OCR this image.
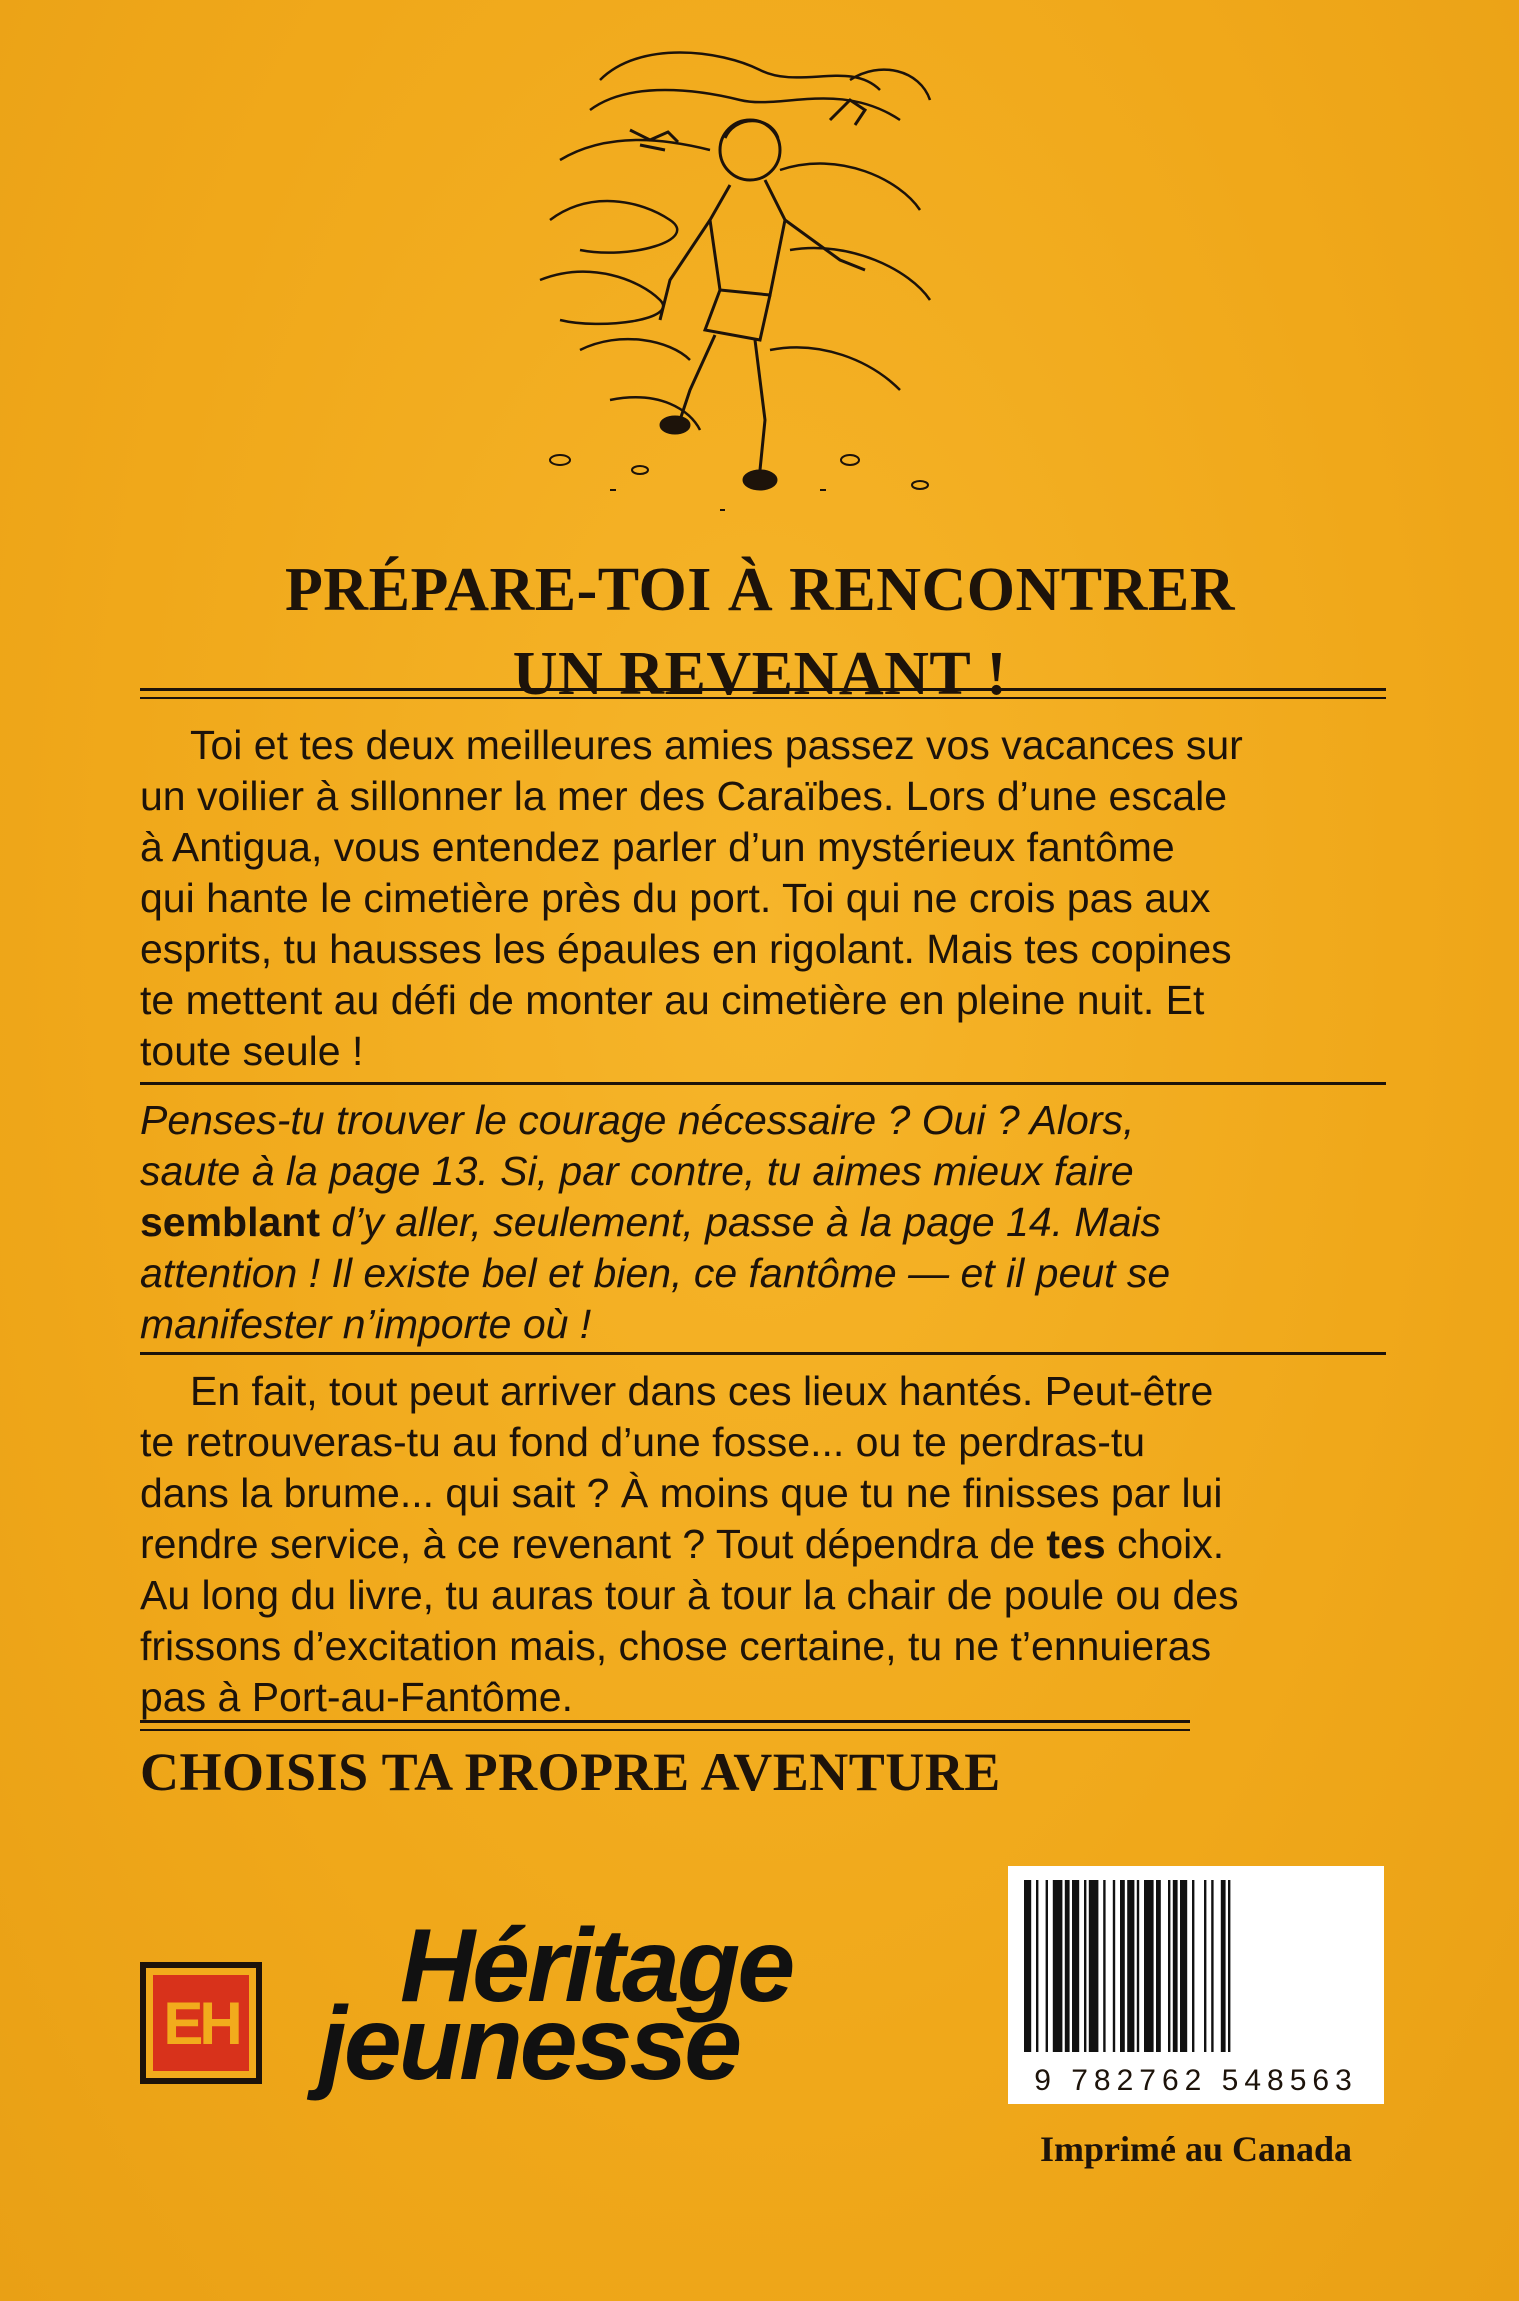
PRÉPARE-TOI À RENCONTRER
UN REVENANT !
Toi et tes deux meilleures amies passez vos vacances sur
un voilier à sillonner la mer des Caraïbes. Lors d’une escale
à Antigua, vous entendez parler d’un mystérieux fantôme
qui hante le cimetière près du port. Toi qui ne crois pas aux
esprits, tu hausses les épaules en rigolant. Mais tes copines
te mettent au défi de monter au cimetière en pleine nuit. Et
toute seule !
Penses-tu trouver le courage nécessaire ? Oui ? Alors,
saute à la page 13. Si, par contre, tu aimes mieux faire
semblant d’y aller, seulement, passe à la page 14. Mais
attention ! Il existe bel et bien, ce fantôme — et il peut se
manifester n’importe où !
En fait, tout peut arriver dans ces lieux hantés. Peut-être
te retrouveras-tu au fond d’une fosse... ou te perdras-tu
dans la brume... qui sait ? À moins que tu ne finisses par lui
rendre service, à ce revenant ? Tout dépendra de tes choix.
Au long du livre, tu auras tour à tour la chair de poule ou des
frissons d’excitation mais, chose certaine, tu ne t’ennuieras
pas à Port-au-Fantôme.
CHOISIS TA PROPRE AVENTURE
EH Héritage
jeunesse	9 782762 548563
Imprimé au Canada
